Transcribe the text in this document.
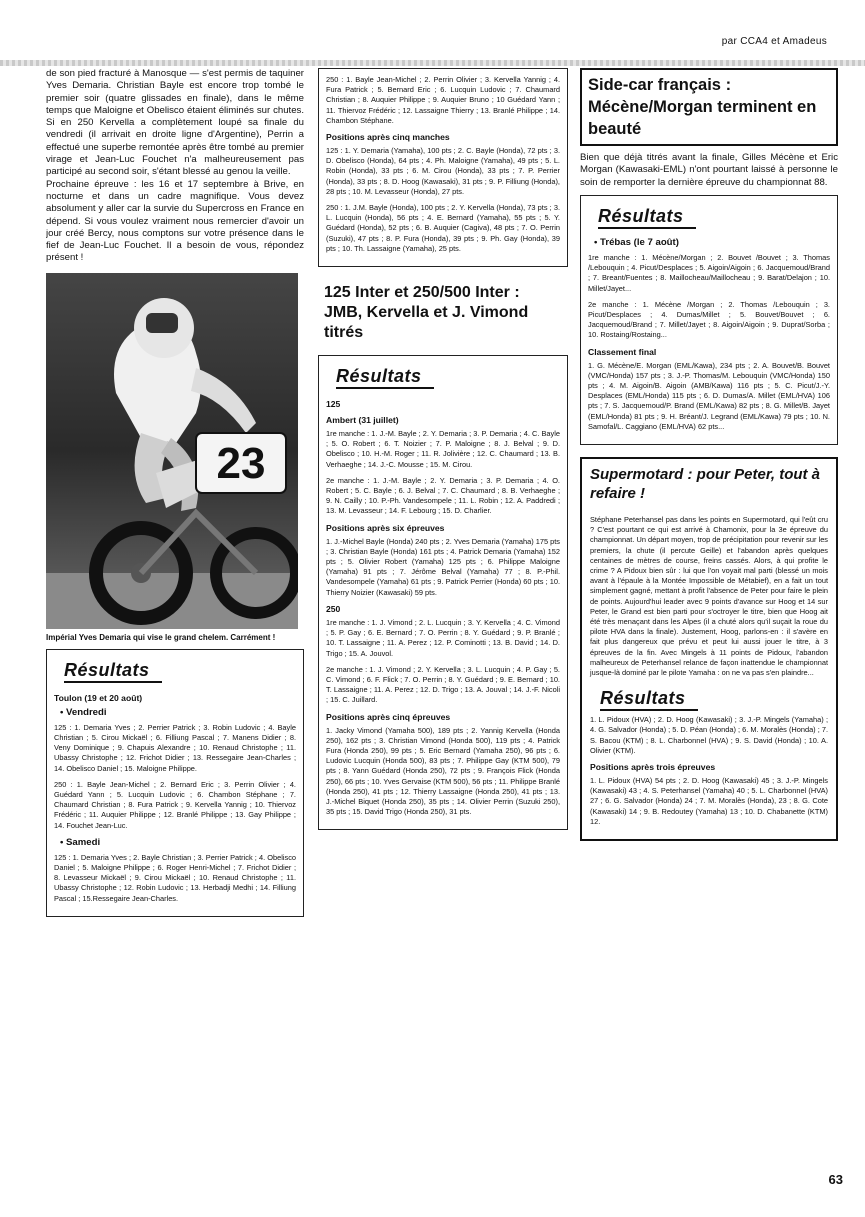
par CCA4 et Amadeus

de son pied fracturé à Manosque — s'est permis de taquiner Yves Demaria. Christian Bayle est encore trop tombé le premier soir (quatre glissades en finale), dans le même temps que Maloigne et Obelisco étaient éliminés sur chutes. Si en 250 Kervella a complètement loupé sa finale du vendredi (il arrivait en droite ligne d'Argentine), Perrin a effectué une superbe remontée après être tombé au premier virage et Jean-Luc Fouchet n'a malheureusement pas participé au second soir, s'étant blessé au genou la veille.

Prochaine épreuve : les 16 et 17 septembre à Brive, en nocturne et dans un cadre magnifique. Vous devez absolument y aller car la survie du Supercross en France en dépend. Si vous voulez vraiment nous remercier d'avoir un jour créé Bercy, nous comptons sur votre présence dans le fief de Jean-Luc Fouchet. Il a besoin de vous, répondez présent !

23

Impérial Yves Demaria qui vise le grand chelem. Carrément !

Résultats
Toulon (19 et 20 août)
• Vendredi

125 : 1. Demaria Yves ; 2. Perrier Patrick ; 3. Robin Ludovic ; 4. Bayle Christian ; 5. Cirou Mickaël ; 6. Filliung Pascal ; 7. Manens Didier ; 8. Veny Dominique ; 9. Chapuis Alexandre ; 10. Renaud Christophe ; 11. Ubassy Christophe ; 12. Frichot Didier ; 13. Ressegaire Jean-Charles ; 14. Obelisco Daniel ; 15. Maloigne Philippe.

250 : 1. Bayle Jean-Michel ; 2. Bernard Eric ; 3. Perrin Olivier ; 4. Guédard Yann ; 5. Lucquin Ludovic ; 6. Chambon Stéphane ; 7. Chaumard Christian ; 8. Fura Patrick ; 9. Kervella Yannig ; 10. Thiervoz Frédéric ; 11. Auquier Philippe ; 12. Branlé Philippe ; 13. Gay Philippe ; 14. Fouchet Jean-Luc.

• Samedi

125 : 1. Demaria Yves ; 2. Bayle Christian ; 3. Perrier Patrick ; 4. Obelisco Daniel ; 5. Maloigne Philippe ; 6. Roger Henri-Michel ; 7. Frichot Didier ; 8. Levasseur Mickaël ; 9. Cirou Mickaël ; 10. Renaud Christophe ; 11. Ubassy Christophe ; 12. Robin Ludovic ; 13. Herbadji Medhi ; 14. Filliung Pascal ; 15.Ressegaire Jean-Charles.

250 : 1. Bayle Jean-Michel ; 2. Perrin Olivier ; 3. Kervella Yannig ; 4. Fura Patrick ; 5. Bernard Eric ; 6. Lucquin Ludovic ; 7. Chaumard Christian ; 8. Auquier Philippe ; 9. Auquier Bruno ; 10 Guédard Yann ; 11. Thiervoz Frédéric ; 12. Lassaigne Thierry ; 13. Branlé Philippe ; 14. Chambon Stéphane.

Positions après cinq manches

125 : 1. Y. Demaria (Yamaha), 100 pts ; 2. C. Bayle (Honda), 72 pts ; 3. D. Obelisco (Honda), 64 pts ; 4. Ph. Maloigne (Yamaha), 49 pts ; 5. L. Robin (Honda), 33 pts ; 6. M. Cirou (Honda), 33 pts ; 7. P. Perrier (Honda), 33 pts ; 8. D. Hoog (Kawasaki), 31 pts ; 9. P. Filliung (Honda), 28 pts ; 10. M. Levasseur (Honda), 27 pts.

250 : 1. J.M. Bayle (Honda), 100 pts ; 2. Y. Kervella (Honda), 73 pts ; 3. L. Lucquin (Honda), 56 pts ; 4. E. Bernard (Yamaha), 55 pts ; 5. Y. Guédard (Honda), 52 pts ; 6. B. Auquier (Cagiva), 48 pts ; 7. O. Perrin (Suzuki), 47 pts ; 8. P. Fura (Honda), 39 pts ; 9. Ph. Gay (Honda), 39 pts ; 10. Th. Lassaigne (Yamaha), 25 pts.

125 Inter et 250/500 Inter : JMB, Kervella et J. Vimond titrés
Résultats
125
Ambert (31 juillet)

1re manche : 1. J.-M. Bayle ; 2. Y. Demaria ; 3. P. Demaria ; 4. C. Bayle ; 5. O. Robert ; 6. T. Noizier ; 7. P. Maloigne ; 8. J. Belval ; 9. D. Obelisco ; 10. H.-M. Roger ; 11. R. Jolivière ; 12. C. Chaumard ; 13. B. Verhaeghe ; 14. J.-C. Mousse ; 15. M. Cirou.

2e manche : 1. J.-M. Bayle ; 2. Y. Demaria ; 3. P. Demaria ; 4. O. Robert ; 5. C. Bayle ; 6. J. Belval ; 7. C. Chaumard ; 8. B. Verhaeghe ; 9. N. Cailly ; 10. P.-Ph. Vandesompele ; 11. L. Robin ; 12. A. Paddredi ; 13. M. Levasseur ; 14. F. Lebourg ; 15. D. Charlier.

Positions après six épreuves

1. J.-Michel Bayle (Honda) 240 pts ; 2. Yves Demaria (Yamaha) 175 pts ; 3. Christian Bayle (Honda) 161 pts ; 4. Patrick Demaria (Yamaha) 152 pts ; 5. Olivier Robert (Yamaha) 125 pts ; 6. Philippe Maloigne (Yamaha) 91 pts ; 7. Jérôme Belval (Yamaha) 77 ; 8. P.-Phil. Vandesompele (Yamaha) 61 pts ; 9. Patrick Perrier (Honda) 60 pts ; 10. Thierry Noizier (Kawasaki) 59 pts.

250

1re manche : 1. J. Vimond ; 2. L. Lucquin ; 3. Y. Kervella ; 4. C. Vimond ; 5. P. Gay ; 6. E. Bernard ; 7. O. Perrin ; 8. Y. Guédard ; 9. P. Branlé ; 10. T. Lassaigne ; 11. A. Perez ; 12. P. Cominotti ; 13. B. David ; 14. D. Trigo ; 15. A. Jouvol.

2e manche : 1. J. Vimond ; 2. Y. Kervella ; 3. L. Lucquin ; 4. P. Gay ; 5. C. Vimond ; 6. F. Flick ; 7. O. Perrin ; 8. Y. Guédard ; 9. E. Bernard ; 10. T. Lassaigne ; 11. A. Perez ; 12. D. Trigo ; 13. A. Jouval ; 14. J.-F. Nicoli ; 15. C. Juillard.

Positions après cinq épreuves

1. Jacky Vimond (Yamaha 500), 189 pts ; 2. Yannig Kervella (Honda 250), 162 pts ; 3. Christian Vimond (Honda 500), 119 pts ; 4. Patrick Fura (Honda 250), 99 pts ; 5. Eric Bernard (Yamaha 250), 96 pts ; 6. Ludovic Lucquin (Honda 500), 83 pts ; 7. Philippe Gay (KTM 500), 79 pts ; 8. Yann Guédard (Honda 250), 72 pts ; 9. François Flick (Honda 250), 66 pts ; 10. Yves Gervaise (KTM 500), 56 pts ; 11. Philippe Branlé (Honda 250), 41 pts ; 12. Thierry Lassaigne (Honda 250), 41 pts ; 13. J.-Michel Biquet (Honda 250), 35 pts ; 14. Olivier Perrin (Suzuki 250), 35 pts ; 15. David Trigo (Honda 250), 31 pts.

Side-car français : Mécène/Morgan terminent en beauté

Bien que déjà titrés avant la finale, Gilles Mécène et Eric Morgan (Kawasaki-EML) n'ont pourtant laissé à personne le soin de remporter la dernière épreuve du championnat 88.

Résultats
• Trébas (le 7 août)

1re manche : 1. Mécène/Morgan ; 2. Bouvet /Bouvet ; 3. Thomas /Lebouquin ; 4. Picut/Desplaces ; 5. Aigoin/Aigoin ; 6. Jacquemoud/Brand ; 7. Breant/Fuentes ; 8. Maillocheau/Maillocheau ; 9. Barat/Delajon ; 10. Millet/Jayet...

2e manche : 1. Mécène /Morgan ; 2. Thomas /Lebouquin ; 3. Picut/Desplaces ; 4. Dumas/Millet ; 5. Bouvet/Bouvet ; 6. Jacquemoud/Brand ; 7. Millet/Jayet ; 8. Aigoin/Aigoin ; 9. Duprat/Sorba ; 10. Rostaing/Rostaing...

Classement final

1. G. Mécène/E. Morgan (EML/Kawa), 234 pts ; 2. A. Bouvet/B. Bouvet (VMC/Honda) 157 pts ; 3. J.-P. Thomas/M. Lebouquin (VMC/Honda) 150 pts ; 4. M. Aigoin/B. Aigoin (AMB/Kawa) 116 pts ; 5. C. Picut/J.-Y. Desplaces (EML/Honda) 115 pts ; 6. D. Dumas/A. Millet (EML/HVA) 106 pts ; 7. S. Jacquemoud/P. Brand (EML/Kawa) 82 pts ; 8. G. Millet/B. Jayet (EML/Honda) 81 pts ; 9. H. Bréant/J. Legrand (EML/Kawa) 79 pts ; 10. N. Samofal/L. Caggiano (EML/HVA) 62 pts...

Supermotard : pour Peter, tout à refaire !

Stéphane Peterhansel pas dans les points en Supermotard, qui l'eût cru ? C'est pourtant ce qui est arrivé à Chamonix, pour la 3e épreuve du championnat. Un départ moyen, trop de précipitation pour revenir sur les premiers, la chute (il percute Geille) et l'abandon après quelques centaines de mètres de course, freins cassés. Alors, à qui profite le crime ? A Pidoux bien sûr : lui que l'on voyait mal parti (blessé un mois avant à l'épaule à la Montée Impossible de Métabief), en a fait un tout simplement gagné, mettant à profit l'absence de Peter pour faire le plein de points. Aujourd'hui leader avec 9 points d'avance sur Hoog et 14 sur Peter, le Grand est bien parti pour s'octroyer le titre, bien que Hoog ait été très menaçant dans les Alpes (il a chuté alors qu'il suçait la roue du pilote HVA dans la finale). Justement, Hoog, parlons-en : il s'avère en fait plus dangereux que prévu et peut lui aussi jouer le titre, à 3 épreuves de la fin. Avec Mingels à 11 points de Pidoux, l'abandon malheureux de Peterhansel relance de façon inattendue le championnat jusque-là dominé par le pilote Yamaha : on ne va pas s'en plaindre...

Résultats

1. L. Pidoux (HVA) ; 2. D. Hoog (Kawasaki) ; 3. J.-P. Mingels (Yamaha) ; 4. G. Salvador (Honda) ; 5. D. Péan (Honda) ; 6. M. Moralès (Honda) ; 7. S. Bacou (KTM) ; 8. L. Charbonnel (HVA) ; 9. S. David (Honda) ; 10. A. Olivier (KTM).

Positions après trois épreuves

1. L. Pidoux (HVA) 54 pts ; 2. D. Hoog (Kawasaki) 45 ; 3. J.-P. Mingels (Kawasaki) 43 ; 4. S. Peterhansel (Yamaha) 40 ; 5. L. Charbonnel (HVA) 27 ; 6. G. Salvador (Honda) 24 ; 7. M. Moralès (Honda), 23 ; 8. G. Cote (Kawasaki) 14 ; 9. B. Redoutey (Yamaha) 13 ; 10. D. Chabanette (KTM) 12.

63
